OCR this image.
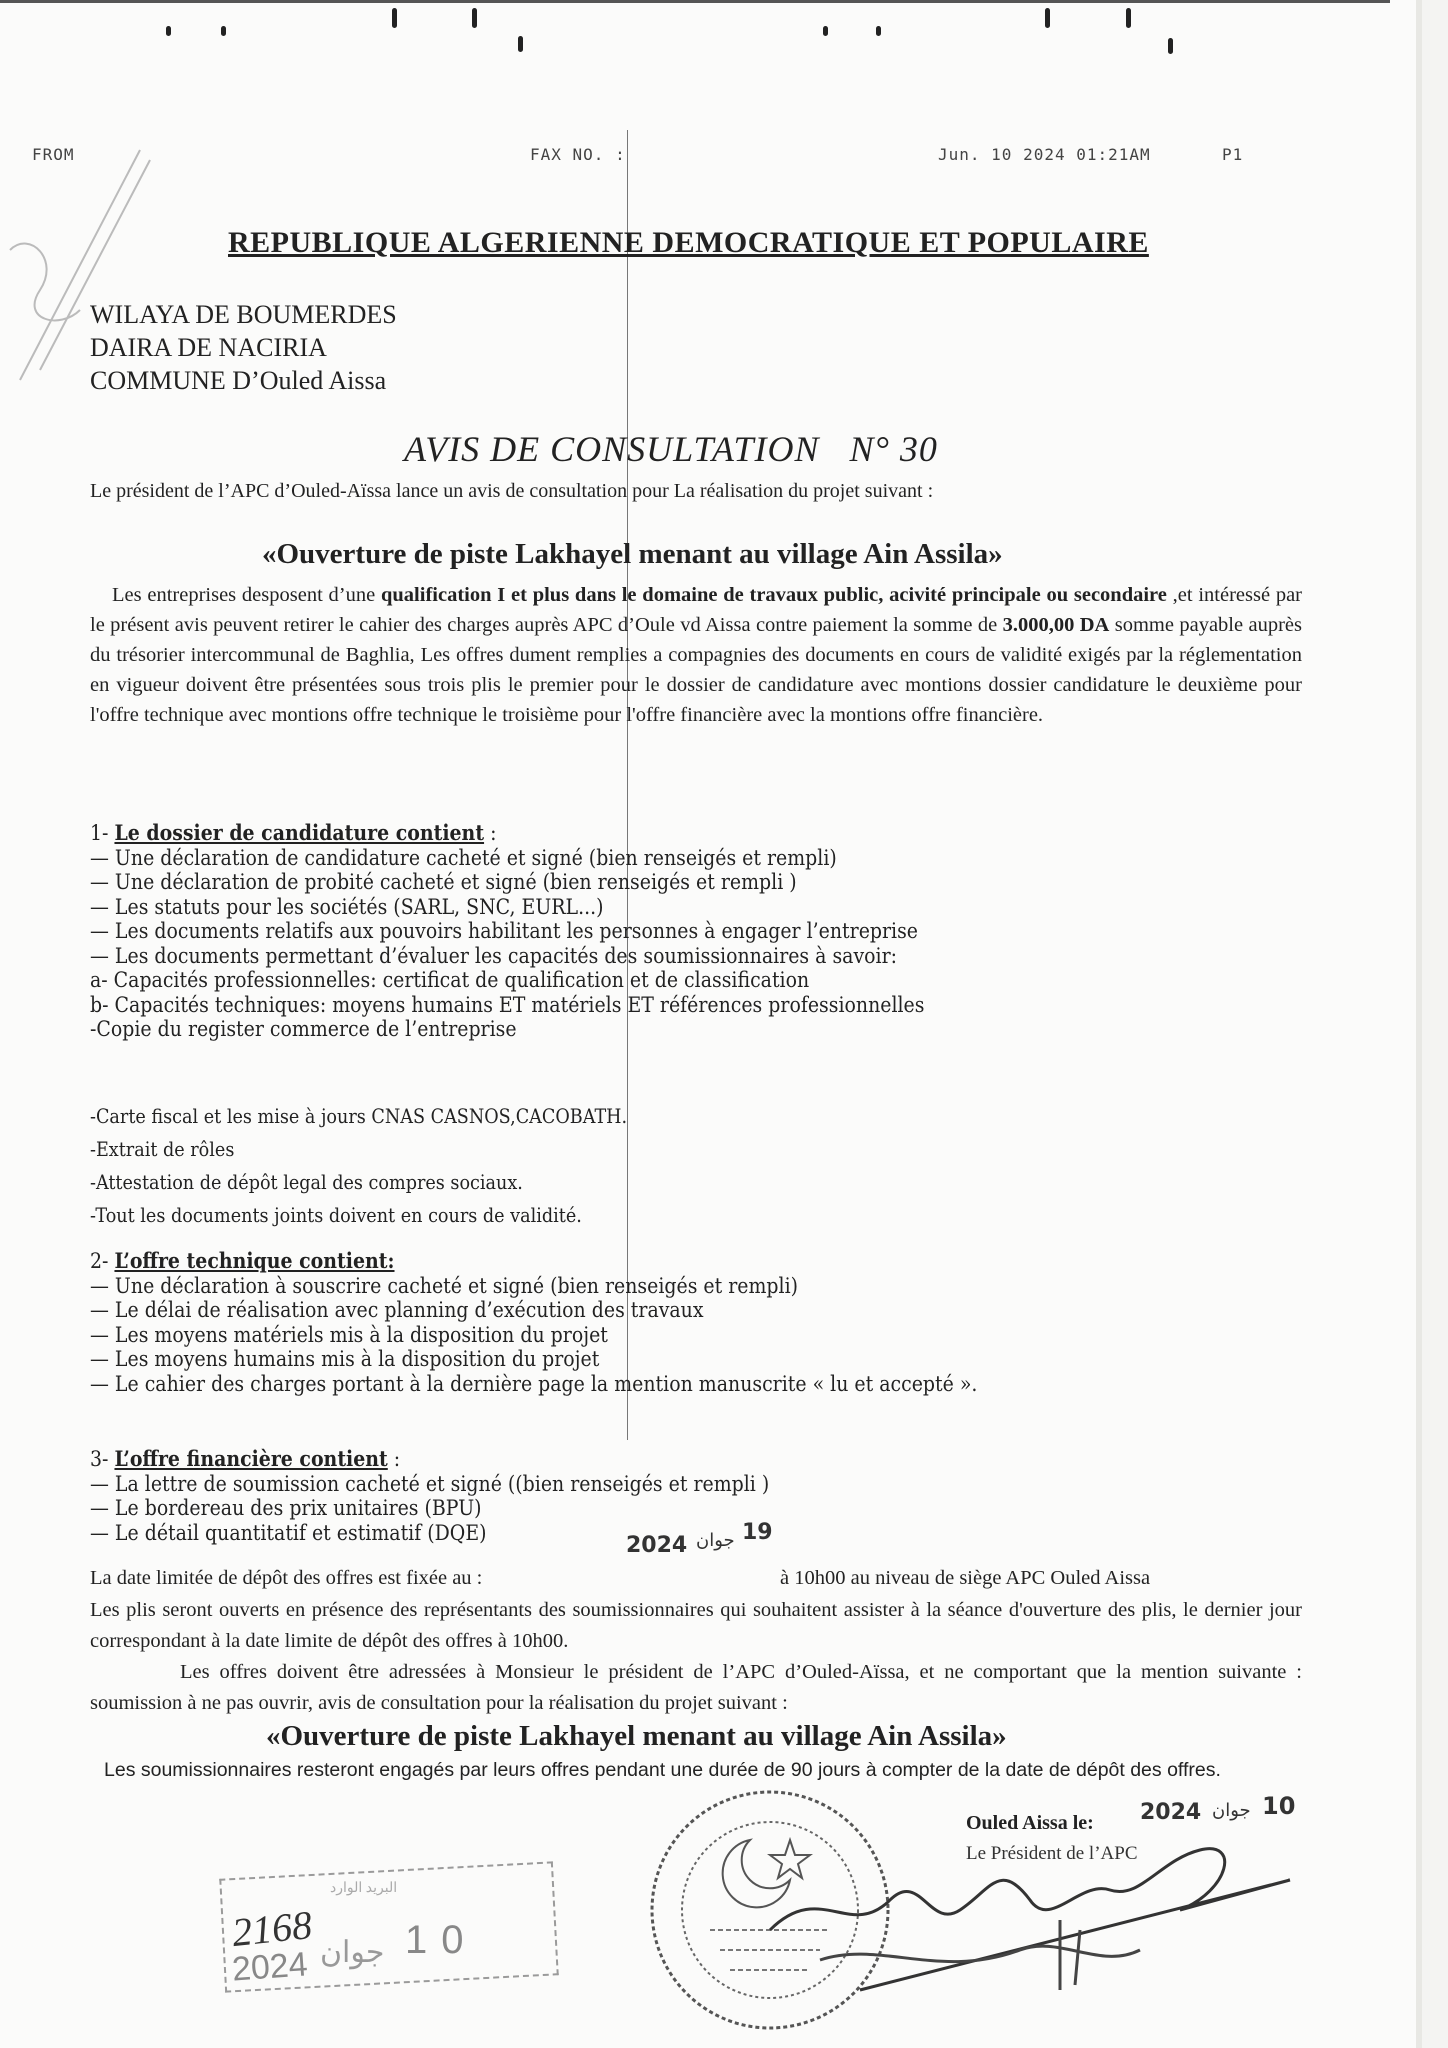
FROM	FAX NO. :	Jun. 10 2024 01:21AM	P1
REPUBLIQUE ALGERIENNE DEMOCRATIQUE ET POPULAIRE
WILAYA DE BOUMERDES
DAIRA DE NACIRIA
COMMUNE D’Ouled Aissa
AVIS DE CONSULTATION   N° 30
Le président de l’APC d’Ouled-Aïssa lance un avis de consultation pour La réalisation du projet suivant :
«Ouverture de piste Lakhayel menant au village Ain Assila»
Les entreprises desposent d’une qualification I et plus dans le domaine de travaux public, acivité principale ou secondaire ,et intéressé par le présent avis peuvent retirer le cahier des charges auprès APC d’Oule vd Aissa contre paiement la somme de 3.000,00 DA somme payable auprès du trésorier intercommunal de Baghlia, Les offres dument remplies a compagnies des documents en cours de validité exigés par la réglementation en vigueur doivent être présentées sous trois plis le premier pour le dossier de candidature avec montions dossier candidature le deuxième pour l'offre technique avec montions offre technique le troisième pour l'offre financière avec la montions offre financière.
1- Le dossier de candidature contient :
— Une déclaration de candidature cacheté et signé (bien renseigés et rempli)
— Une déclaration de probité cacheté et signé (bien renseigés et rempli )
— Les statuts pour les sociétés (SARL, SNC, EURL...)
— Les documents relatifs aux pouvoirs habilitant les personnes à engager l’entreprise
— Les documents permettant d’évaluer les capacités des soumissionnaires à savoir:
a- Capacités professionnelles: certificat de qualification et de classification
b- Capacités techniques: moyens humains ET matériels ET références professionnelles
-Copie du register commerce de l’entreprise
-Carte fiscal et les mise à jours CNAS CASNOS,CACOBATH.
-Extrait de rôles
-Attestation de dépôt legal des compres sociaux.
-Tout les documents joints doivent en cours de validité.
2- L’offre technique contient:
— Une déclaration à souscrire cacheté et signé (bien renseigés et rempli)
— Le délai de réalisation avec planning d’exécution des travaux
— Les moyens matériels mis à la disposition du projet
— Les moyens humains mis à la disposition du projet
— Le cahier des charges portant à la dernière page la mention manuscrite « lu et accepté ».
3- L’offre financière contient :
— La lettre de soumission cacheté et signé ((bien renseigés et rempli )
— Le bordereau des prix unitaires (BPU)
— Le détail quantitatif et estimatif (DQE)	2024 جوان 19
La date limitée de dépôt des offres est fixée au :	à 10h00 au niveau de siège APC Ouled Aissa
Les plis seront ouverts en présence des représentants des soumissionnaires qui souhaitent assister à la séance d'ouverture des plis, le dernier jour correspondant à la date limite de dépôt des offres à 10h00.
Les offres doivent être adressées à Monsieur le président de l’APC d’Ouled-Aïssa, et ne comportant que la mention suivante : soumission à ne pas ouvrir, avis de consultation pour la réalisation du projet suivant :
«Ouverture de piste Lakhayel menant au village Ain Assila»
Les soumissionnaires resteront engagés par leurs offres pendant une durée de 90 jours à compter de la date de dépôt des offres.
Ouled Aissa le: 2024 جوان 10
Le Président de l’APC
البريد الوارد
2168
2024 جوان 10
